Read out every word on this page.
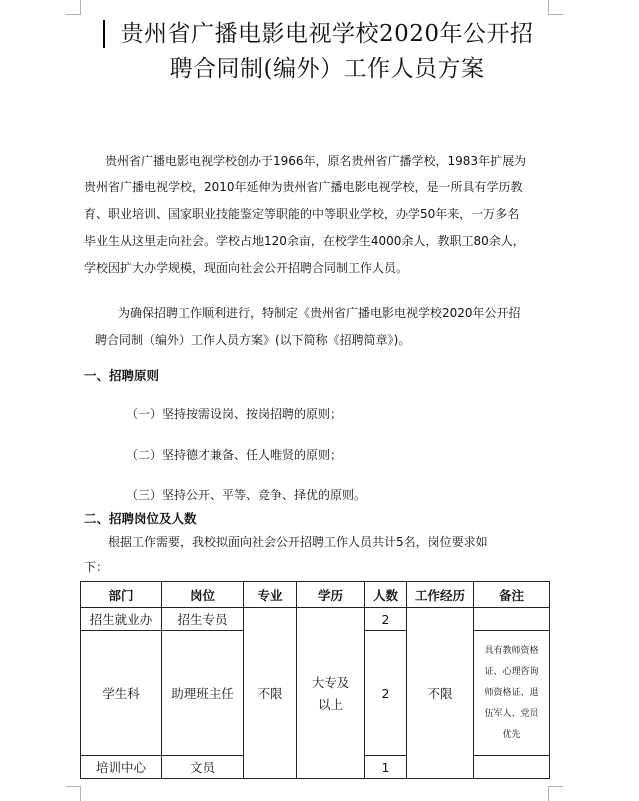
贵州省广播电影电视学校2020年公开招
聘合同制(编外）工作人员方案
贵州省广播电影电视学校创办于1966年，原名贵州省广播学校，1983年扩展为
贵州省广播电视学校，2010年延伸为贵州省广播电影电视学校，是一所具有学历教
育、职业培训、国家职业技能鉴定等职能的中等职业学校，办学50年来，一万多名
毕业生从这里走向社会。学校占地120余亩，在校学生4000余人，教职工80余人，
学校因扩大办学规模，现面向社会公开招聘合同制工作人员。
为确保招聘工作顺利进行，特制定《贵州省广播电影电视学校2020年公开招
聘合同制（编外）工作人员方案》(以下简称《招聘简章》)。
一、招聘原则
（一）坚持按需设岗、按岗招聘的原则；
（二）坚持德才兼备、任人唯贤的原则；
（三）坚持公开、平等、竞争、择优的原则。
二、招聘岗位及人数
根据工作需要，我校拟面向社会公开招聘工作人员共计5名，岗位要求如
下：
部门	岗位	专业	学历	人数	工作经历	备注
招生就业办	招生专员	不限	大专及
以上	2	不限	
学生科	助理班主任			2		具有教师资格
证、心理咨询
师资格证、退
伍军人、党员
优先

培训中心	文员			1		
